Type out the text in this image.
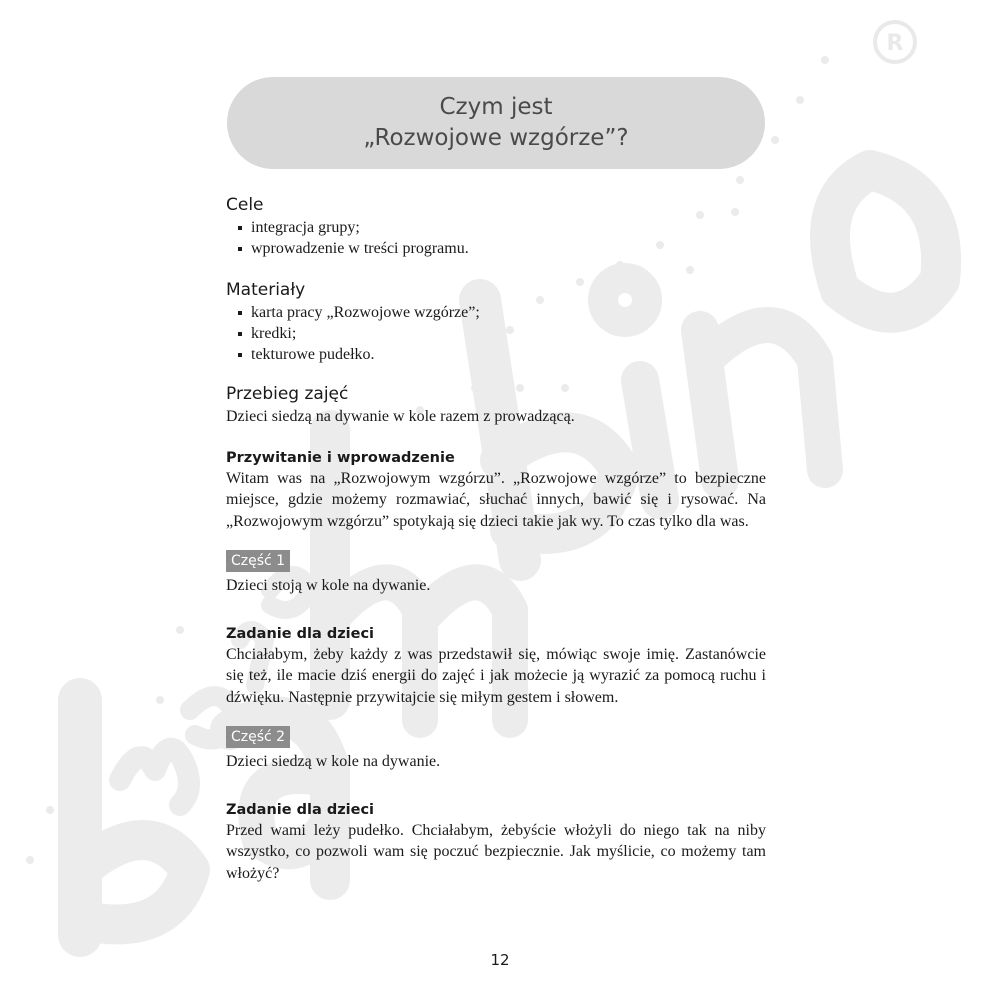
R
Czym jest
„Rozwojowe wzgórze”?
Cele
integracja grupy;
wprowadzenie w treści programu.
Materiały
karta pracy „Rozwojowe wzgórze”;
kredki;
tekturowe pudełko.
Przebieg zajęć

Dzieci siedzą na dywanie w kole razem z prowadzącą.

Przywitanie i wprowadzenie

Witam was na „Rozwojowym wzgórzu”. „Rozwojowe wzgórze” to bezpieczne miejsce, gdzie możemy rozmawiać, słuchać innych, bawić się i rysować. Na „Rozwojowym wzgórzu” spotykają się dzieci takie jak wy. To czas tylko dla was.

Część 1

Dzieci stoją w kole na dywanie.

Zadanie dla dzieci

Chciałabym, żeby każdy z was przedstawił się, mówiąc swoje imię. Zastanówcie się też, ile macie dziś energii do zajęć i jak możecie ją wyrazić za pomocą ruchu i dźwięku. Następnie przywitajcie się miłym gestem i słowem.

Część 2

Dzieci siedzą w kole na dywanie.

Zadanie dla dzieci

Przed wami leży pudełko. Chciałabym, żebyście włożyli do niego tak na niby wszystko, co pozwoli wam się poczuć bezpiecznie. Jak myślicie, co możemy tam włożyć?

12
